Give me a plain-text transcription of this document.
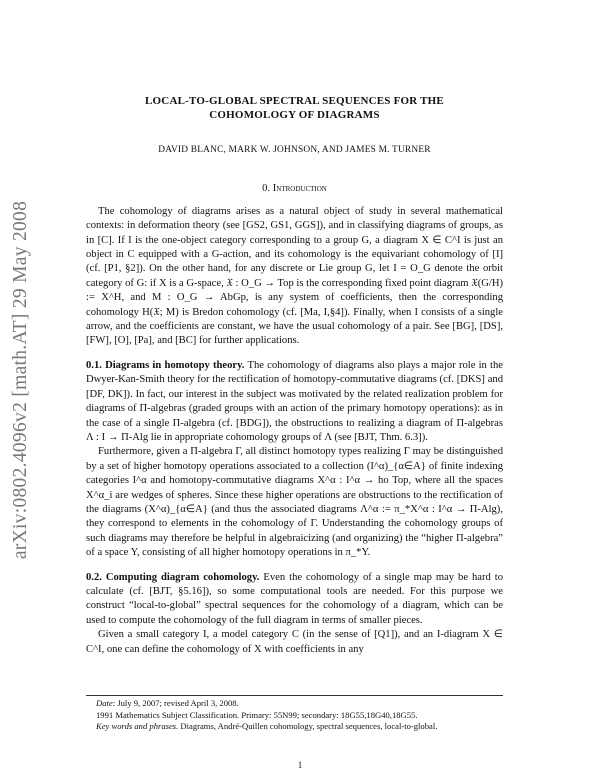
arXiv:0802.4096v2 [math.AT] 29 May 2008
LOCAL-TO-GLOBAL SPECTRAL SEQUENCES FOR THE COHOMOLOGY OF DIAGRAMS
DAVID BLANC, MARK W. JOHNSON, AND JAMES M. TURNER
0. Introduction

The cohomology of diagrams arises as a natural object of study in several mathematical contexts: in deformation theory (see [GS2, GS1, GGS]), and in classifying diagrams of groups, as in [C]. If I is the one-object category corresponding to a group G, a diagram X ∈ C^I is just an object in C equipped with a G-action, and its cohomology is the equivariant cohomology of [I] (cf. [P1, §2]). On the other hand, for any discrete or Lie group G, let I = O_G denote the orbit category of G: if X is a G-space, 𝔛 : O_G → Top is the corresponding fixed point diagram 𝔛(G/H) := X^H, and M : O_G → AbGp, is any system of coefficients, then the corresponding cohomology H(𝔛; M) is Bredon cohomology (cf. [Ma, I,§4]). Finally, when I consists of a single arrow, and the coefficients are constant, we have the usual cohomology of a pair. See [BG], [DS], [FW], [O], [Pa], and [BC] for further applications.

0.1. Diagrams in homotopy theory. The cohomology of diagrams also plays a major role in the Dwyer-Kan-Smith theory for the rectification of homotopy-commutative diagrams (cf. [DKS] and [DF, DK]). In fact, our interest in the subject was motivated by the related realization problem for diagrams of Π-algebras (graded groups with an action of the primary homotopy operations): as in the case of a single Π-algebra (cf. [BDG]), the obstructions to realizing a diagram of Π-algebras Λ : I → Π-Alg lie in appropriate cohomology groups of Λ (see [BJT, Thm. 6.3]).

Furthermore, given a Π-algebra Γ, all distinct homotopy types realizing Γ may be distinguished by a set of higher homotopy operations associated to a collection (I^α)_{α∈A} of finite indexing categories I^α and homotopy-commutative diagrams X^α : I^α → ho Top, where all the spaces X^α_i are wedges of spheres. Since these higher operations are obstructions to the rectification of the diagrams (X^α)_{α∈A} (and thus the associated diagrams Λ^α := π_*X^α : I^α → Π-Alg), they correspond to elements in the cohomology of Γ. Understanding the cohomology groups of such diagrams may therefore be helpful in algebraicizing (and organizing) the “higher Π-algebra” of a space Y, consisting of all higher homotopy operations in π_*Y.

0.2. Computing diagram cohomology. Even the cohomology of a single map may be hard to calculate (cf. [BJT, §5.16]), so some computational tools are needed. For this purpose we construct “local-to-global” spectral sequences for the cohomology of a diagram, which can be used to compute the cohomology of the full diagram in terms of smaller pieces.

Given a small category I, a model category C (in the sense of [Q1]), and an I-diagram X ∈ C^I, one can define the cohomology of X with coefficients in any

Date: July 9, 2007; revised April 3, 2008.
1991 Mathematics Subject Classification. Primary: 55N99; secondary: 18G55,18G40,18G55.
Key words and phrases. Diagrams, André-Quillen cohomology, spectral sequences, local-to-global.
1
